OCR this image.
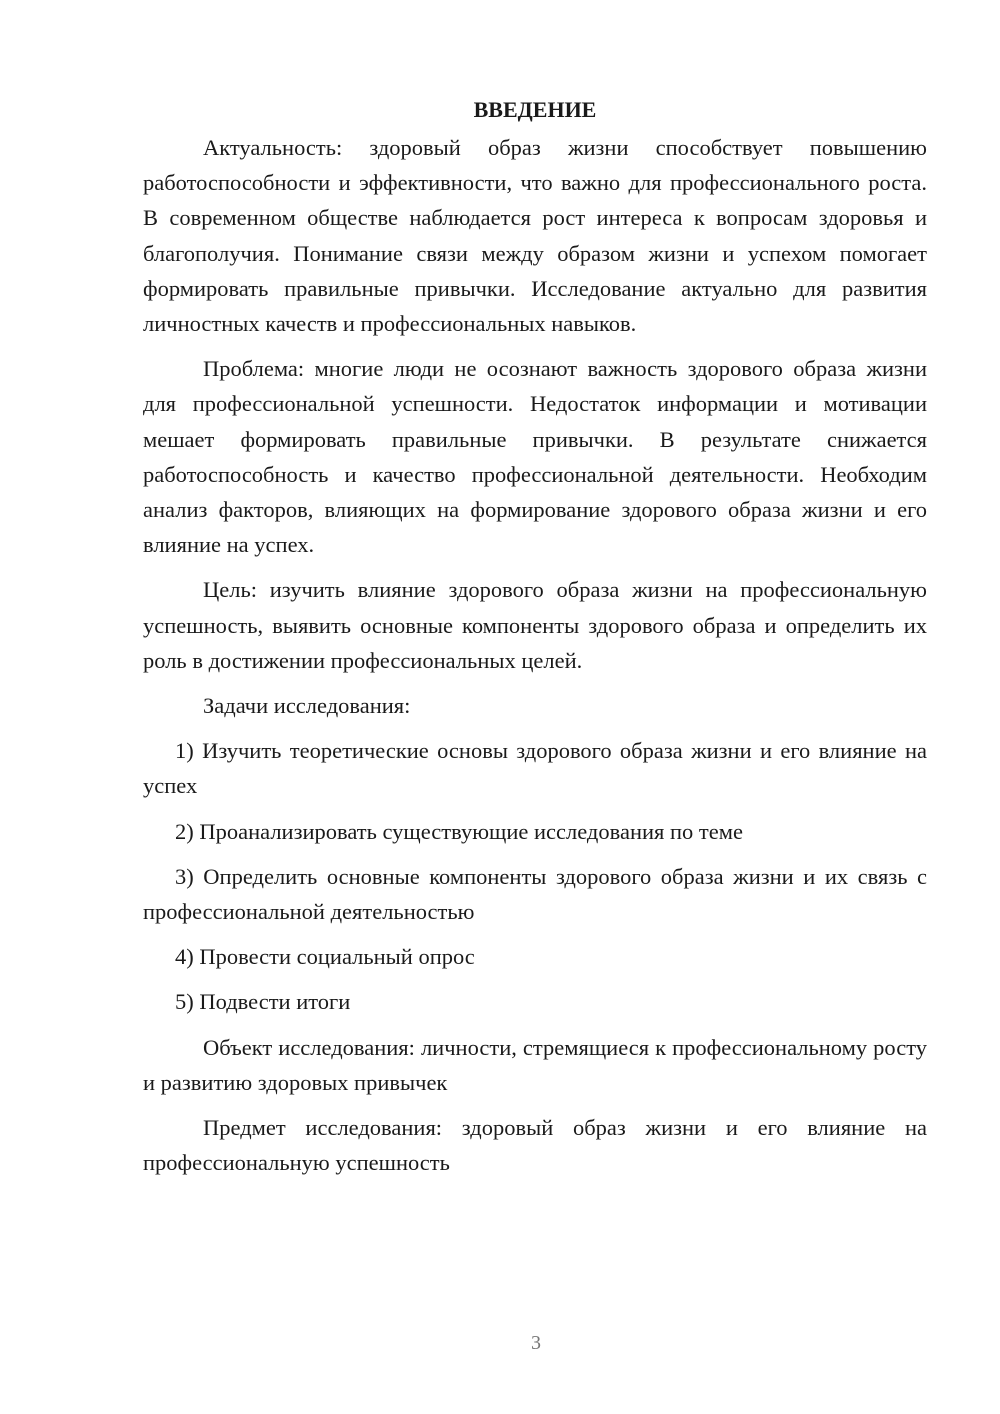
ВВЕДЕНИЕ

Актуальность: здоровый образ жизни способствует повышению работоспособности и эффективности, что важно для профессионального роста. В современном обществе наблюдается рост интереса к вопросам здоровья и благополучия. Понимание связи между образом жизни и успехом помогает формировать правильные привычки. Исследование актуально для развития личностных качеств и профессиональных навыков.

Проблема: многие люди не осознают важность здорового образа жизни для профессиональной успешности. Недостаток информации и мотивации мешает формировать правильные привычки. В результате снижается работоспособность и качество профессиональной деятельности. Необходим анализ факторов, влияющих на формирование здорового образа жизни и его влияние на успех.

Цель: изучить влияние здорового образа жизни на профессиональную успешность, выявить основные компоненты здорового образа и определить их роль в достижении профессиональных целей.

Задачи исследования:

1) Изучить теоретические основы здорового образа жизни и его влияние на успех

2) Проанализировать существующие исследования по теме

3) Определить основные компоненты здорового образа жизни и их связь с профессиональной деятельностью

4) Провести социальный опрос

5) Подвести итоги

Объект исследования: личности, стремящиеся к профессиональному росту и развитию здоровых привычек

Предмет исследования: здоровый образ жизни и его влияние на профессиональную успешность

3
